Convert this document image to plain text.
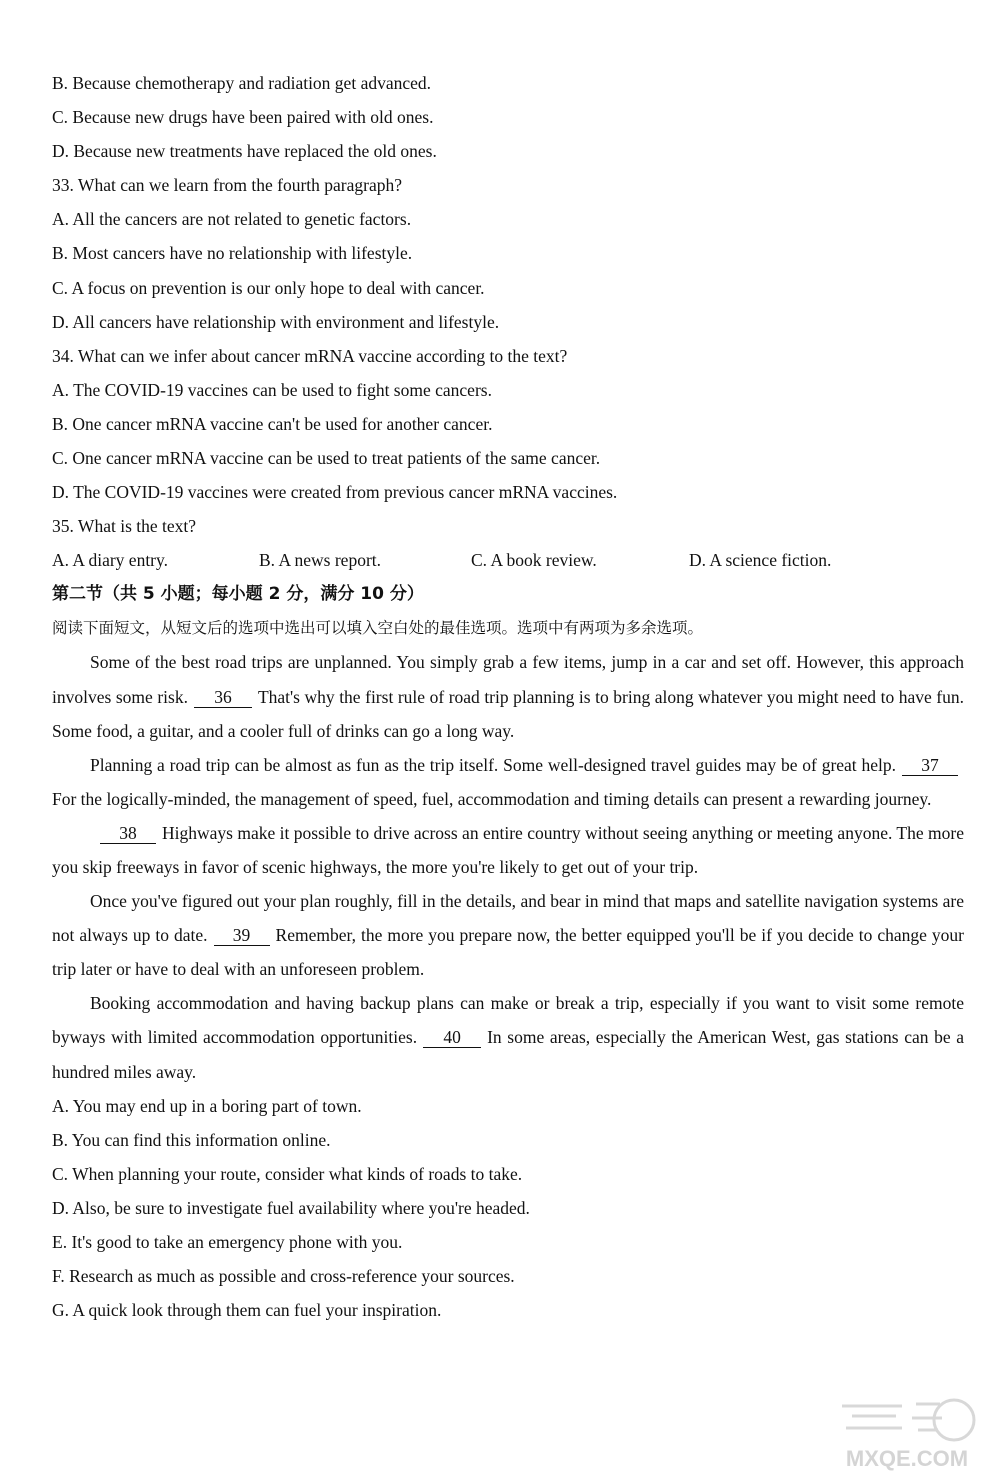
B. Because chemotherapy and radiation get advanced.
C. Because new drugs have been paired with old ones.
D. Because new treatments have replaced the old ones.
33. What can we learn from the fourth paragraph?
A. All the cancers are not related to genetic factors.
B. Most cancers have no relationship with lifestyle.
C. A focus on prevention is our only hope to deal with cancer.
D. All cancers have relationship with environment and lifestyle.
34. What can we infer about cancer mRNA vaccine according to the text?
A. The COVID-19 vaccines can be used to fight some cancers.
B. One cancer mRNA vaccine can't be used for another cancer.
C. One cancer mRNA vaccine can be used to treat patients of the same cancer.
D. The COVID-19 vaccines were created from previous cancer mRNA vaccines.
35. What is the text?
A. A diary entry.	B. A news report.	C. A book review.	D. A science fiction.
第二节（共 5 小题；每小题 2 分，满分 10 分）
阅读下面短文，从短文后的选项中选出可以填入空白处的最佳选项。选项中有两项为多余选项。
Some of the best road trips are unplanned. You simply grab a few items, jump in a car and set off. However, this approach involves some risk. 36 That's why the first rule of road trip planning is to bring along whatever you might need to have fun. Some food, a guitar, and a cooler full of drinks can go a long way.
Planning a road trip can be almost as fun as the trip itself. Some well-designed travel guides may be of great help. 37For the logically-minded, the management of speed, fuel, accommodation and timing details can present a rewarding journey.
38 Highways make it possible to drive across an entire country without seeing anything or meeting anyone. The more you skip freeways in favor of scenic highways, the more you're likely to get out of your trip.
Once you've figured out your plan roughly, fill in the details, and bear in mind that maps and satellite navigation systems are not always up to date. 39 Remember, the more you prepare now, the better equipped you'll be if you decide to change your trip later or have to deal with an unforeseen problem.
Booking accommodation and having backup plans can make or break a trip, especially if you want to visit some remote byways with limited accommodation opportunities. 40 In some areas, especially the American West, gas stations can be a hundred miles away.
A. You may end up in a boring part of town.
B. You can find this information online.
C. When planning your route, consider what kinds of roads to take.
D. Also, be sure to investigate fuel availability where you're headed.
E. It's good to take an emergency phone with you.
F. Research as much as possible and cross-reference your sources.
G. A quick look through them can fuel your inspiration.
MXQE.COM
